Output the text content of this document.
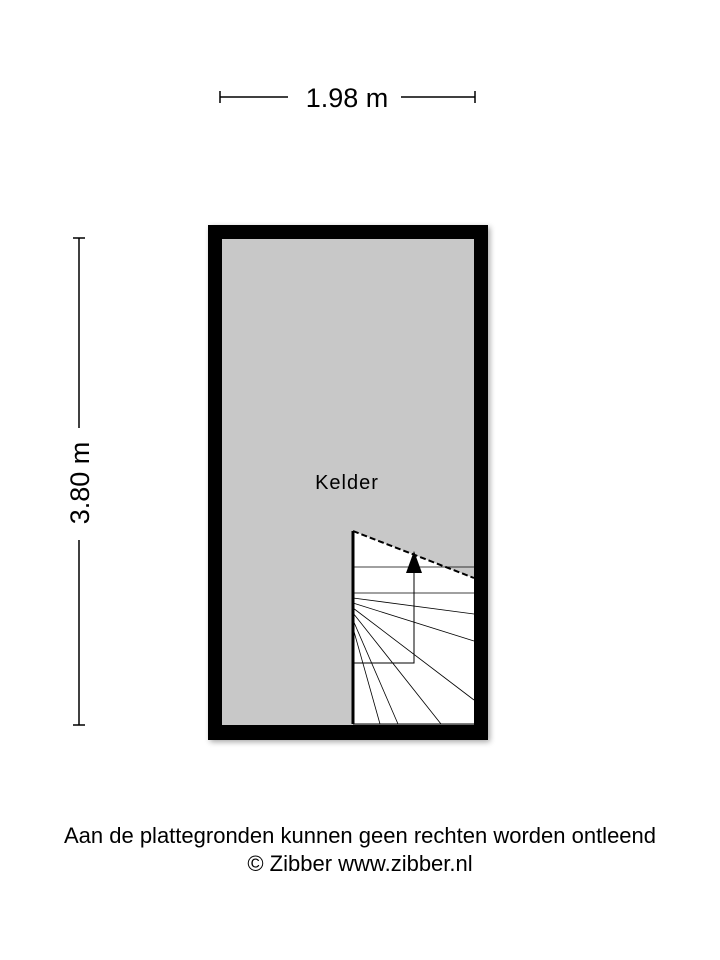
1.98 m
3.80 m	Kelder
Aan de plattegronden kunnen geen rechten worden ontleend
© Zibber www.zibber.nl
